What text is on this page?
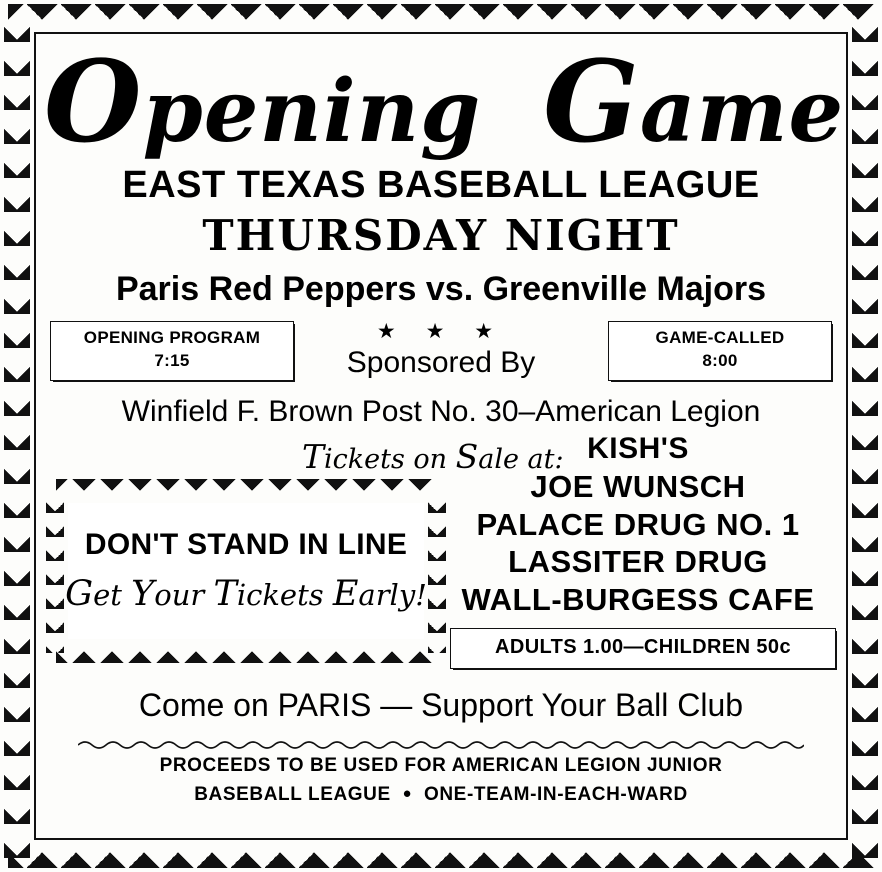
Opening Game
EAST TEXAS BASEBALL LEAGUE
THURSDAY NIGHT
Paris Red Peppers vs. Greenville Majors
OPENING PROGRAM
7:15
★ ★ ★
Sponsored By
GAME-CALLED
8:00
Winfield F. Brown Post No. 30–American Legion
Tickets on Sale at: KISH'S
JOE WUNSCH
PALACE DRUG NO. 1
LASSITER DRUG
WALL-BURGESS CAFE
ADULTS 1.00—CHILDREN 50c
DON'T STAND IN LINE
Get Your Tickets Early!
Come on PARIS — Support Your Ball Club
PROCEEDS TO BE USED FOR AMERICAN LEGION JUNIOR
BASEBALL LEAGUE ● ONE-TEAM-IN-EACH-WARD
